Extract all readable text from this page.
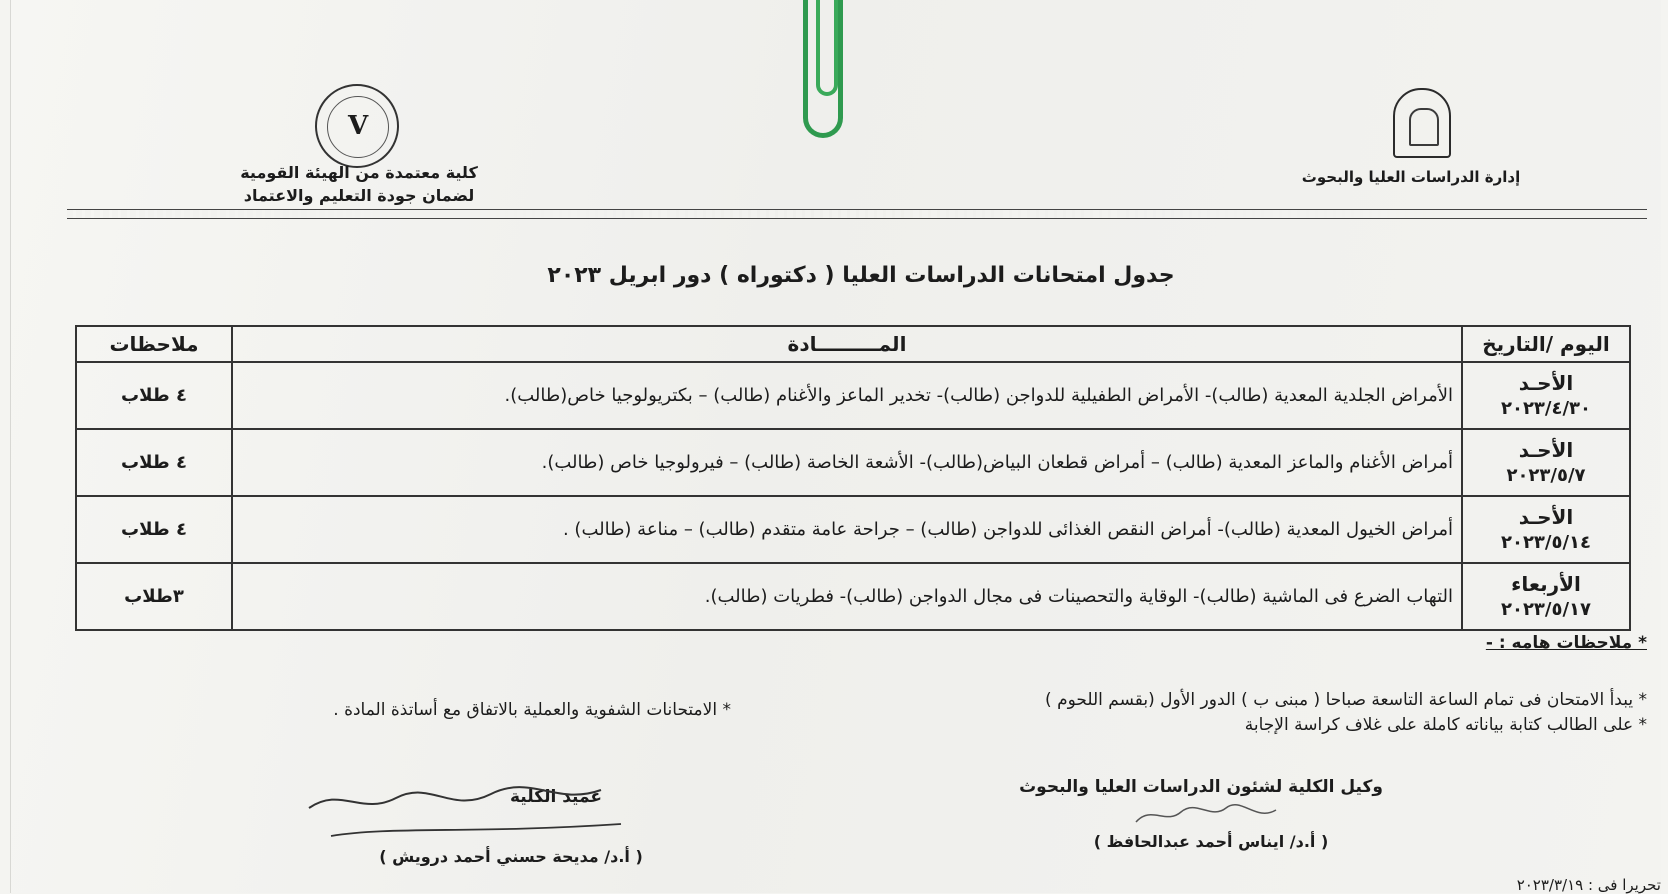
إدارة الدراسات العليا والبحوث
V
كلية معتمدة من الهيئة القومية
لضمان جودة التعليم والاعتماد
جدول امتحانات الدراسات العليا ( دكتوراه ) دور ابريل ٢٠٢٣
اليوم /التاريخ	المـــــــــادة	ملاحظات

الأحـد
٢٠٢٣/٤/٣٠	الأمراض الجلدية المعدية (طالب)- الأمراض الطفيلية للدواجن (طالب)- تخدير الماعز والأغنام (طالب) – بكتريولوجيا خاص(طالب).	٤ طلاب

الأحـد
٢٠٢٣/٥/٧	أمراض الأغنام والماعز المعدية (طالب) – أمراض قطعان البياض(طالب)- الأشعة الخاصة (طالب) – فيرولوجيا خاص (طالب).	٤ طلاب

الأحـد
٢٠٢٣/٥/١٤	أمراض الخيول المعدية (طالب)- أمراض النقص الغذائى للدواجن (طالب) – جراحة عامة متقدم (طالب) – مناعة (طالب) .	٤ طلاب

الأربعاء
٢٠٢٣/٥/١٧	التهاب الضرع فى الماشية (طالب)- الوقاية والتحصينات فى مجال الدواجن (طالب)- فطريات (طالب).	٣طلاب
* ملاحظات هامه : -
* يبدأ الامتحان فى تمام الساعة التاسعة صباحا ( مبنى ب ) الدور الأول (بقسم اللحوم )
* على الطالب كتابة بياناته كاملة على غلاف كراسة الإجابة
* الامتحانات الشفوية والعملية بالاتفاق مع أساتذة المادة .
وكيل الكلية لشئون الدراسات العليا والبحوث
( أ.د/ ايناس أحمد عبدالحافظ )
عميد الكلية
( أ.د/ مديحة حسني أحمد درويش )
تحريرا فى : ٢٠٢٣/٣/١٩
